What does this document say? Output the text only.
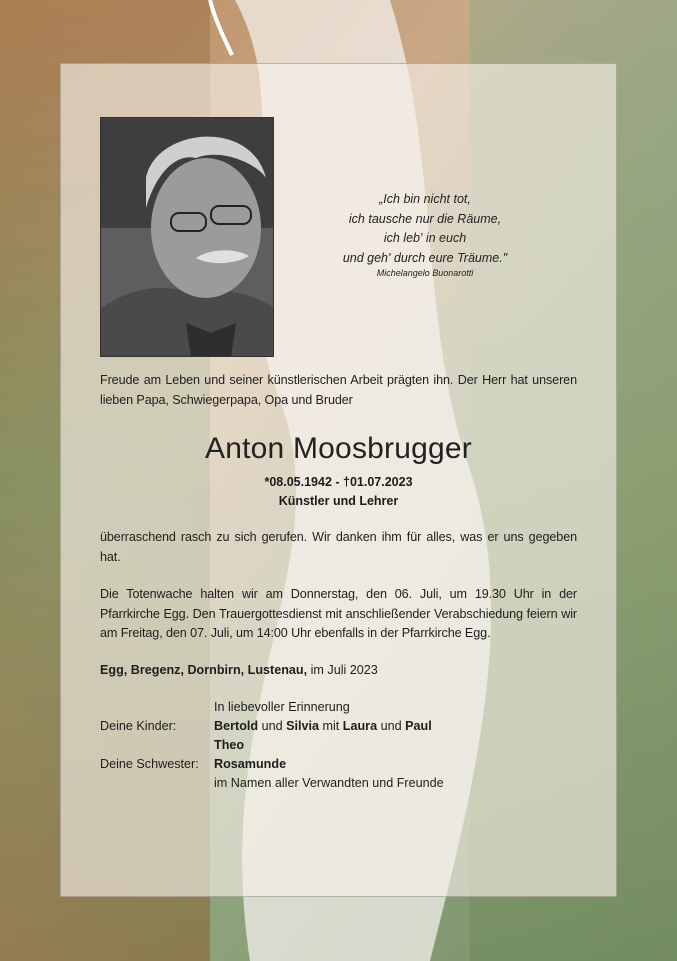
„Ich bin nicht tot,
ich tausche nur die Räume,
ich leb' in euch
und geh' durch eure Träume."
Michelangelo Buonarotti
Freude am Leben und seiner künstlerischen Arbeit prägten ihn. Der Herr hat unseren lieben Papa, Schwiegerpapa, Opa und Bruder
Anton Moosbrugger
*08.05.1942 - †01.07.2023
Künstler und Lehrer
überraschend rasch zu sich gerufen. Wir danken ihm für alles, was er uns gegeben hat.
Die Totenwache halten wir am Donnerstag, den 06. Juli, um 19.30 Uhr in der Pfarrkirche Egg. Den Trauergottesdienst mit anschließender Verabschiedung feiern wir am Freitag, den 07. Juli, um 14:00 Uhr ebenfalls in der Pfarrkirche Egg.
Egg, Bregenz, Dornbirn, Lustenau, im Juli 2023
In liebevoller Erinnerung
Deine Kinder:	Bertold und Silvia mit Laura und Paul
Theo
Deine Schwester: Rosamunde
im Namen aller Verwandten und Freunde
